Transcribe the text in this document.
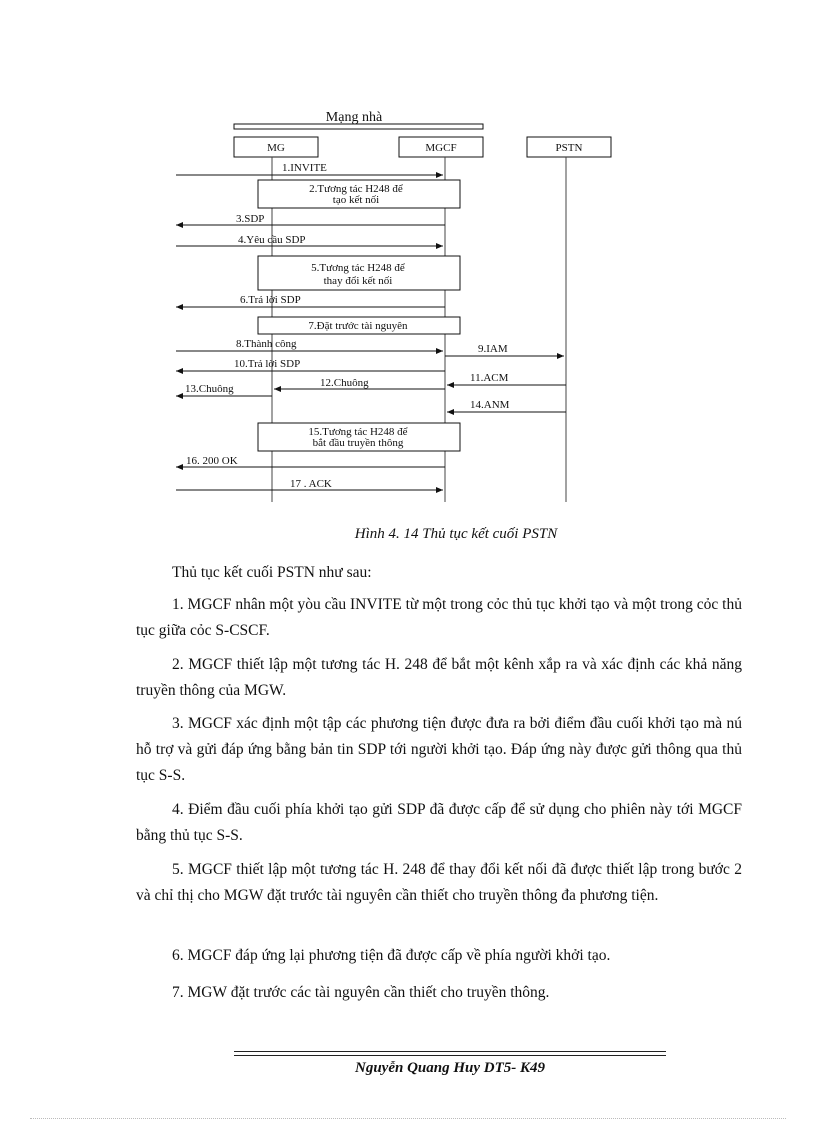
Mạng nhà
MG	MGCF	PSTN
1.INVITE
2.Tương tác H248 để
tạo kết nối
3.SDP
4.Yêu cầu SDP
5.Tương tác H248 để
thay đổi kết nối
6.Trả lời SDP
7.Đặt trước tài nguyên
8.Thành công	9.IAM
10.Trả lời SDP
11.ACM
12.Chuông
13.Chuông
14.ANM
15.Tương tác H248 để
bắt đầu truyền thông
16. 200 OK
17 . ACK
Hình 4. 14 Thủ tục kết cuối PSTN

Thủ tục kết cuối PSTN như sau:

1. MGCF nhân một yòu cầu INVITE từ một trong cỏc thủ tục khởi tạo và một trong cỏc thủ tục giữa cỏc S-CSCF.

2. MGCF thiết lập một tương tác H. 248 để bắt một kênh xắp ra và xác định các khả năng truyền thông của MGW.

3. MGCF xác định một tập các phương tiện được đưa ra bởi điểm đầu cuối khởi tạo mà nú hỗ trợ và gửi đáp ứng bằng bản tin SDP tới người khởi tạo. Đáp ứng này được gửi thông qua thủ tục S-S.

4. Điểm đầu cuối phía khởi tạo gửi SDP đã được cấp để sử dụng cho phiên này tới MGCF bằng thủ tục S-S.

5. MGCF thiết lập một tương tác H. 248 để thay đổi kết nối đã được thiết lập trong bước 2 và chỉ thị cho MGW đặt trước tài nguyên cần thiết cho truyền thông đa phương tiện.

6. MGCF đáp ứng lại phương tiện đã được cấp về phía người khởi tạo.

7. MGW đặt trước các tài nguyên cần thiết cho truyền thông.

Nguyễn Quang Huy DT5- K49
